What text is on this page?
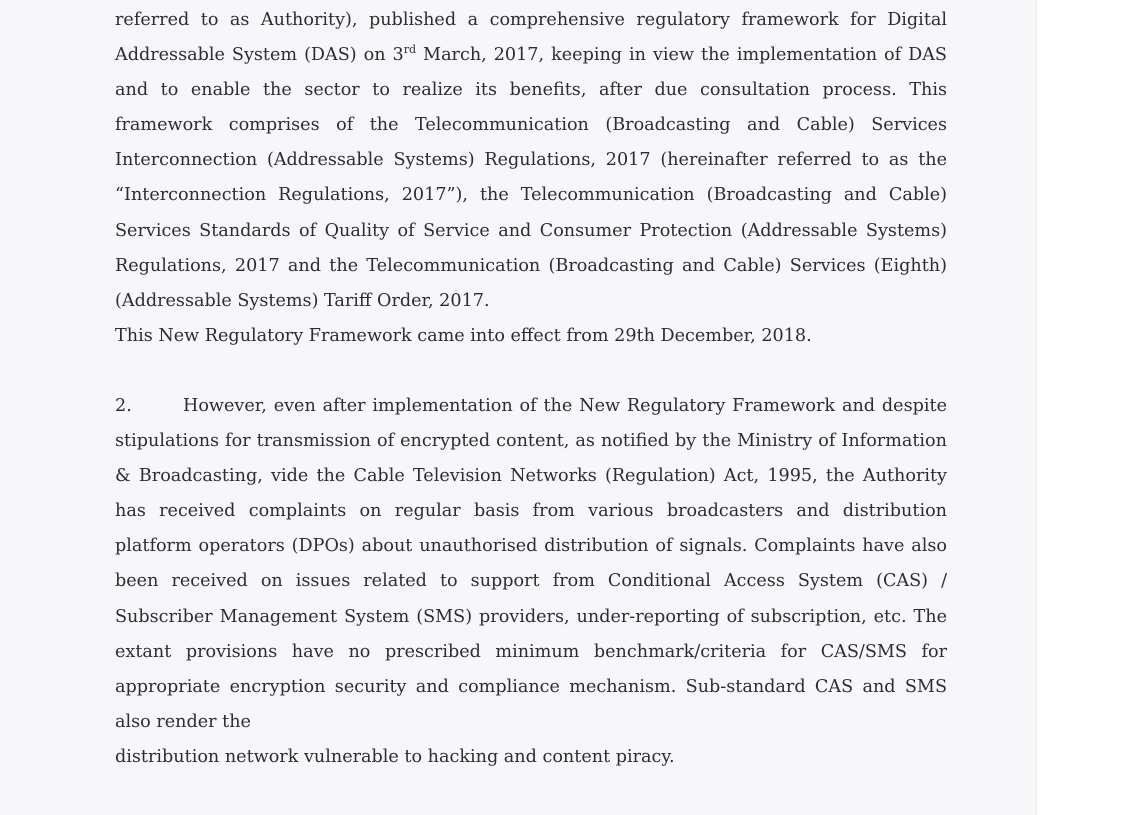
referred to as Authority), published a comprehensive regulatory framework for Digital Addressable System (DAS) on 3rd March, 2017, keeping in view the implementation of DAS and to enable the sector to realize its benefits, after due consultation process. This framework comprises of the Telecommunication (Broadcasting and Cable) Services Interconnection (Addressable Systems) Regulations, 2017 (hereinafter referred to as the “Interconnection Regulations, 2017”), the Telecommunication (Broadcasting and Cable) Services Standards of Quality of Service and Consumer Protection (Addressable Systems) Regulations, 2017 and the Telecommunication (Broadcasting and Cable) Services (Eighth) (Addressable Systems) Tariff Order, 2017.
This New Regulatory Framework came into effect from 29th December, 2018.

2.	However, even after implementation of the New Regulatory Framework and despite stipulations for transmission of encrypted content, as notified by the Ministry of Information & Broadcasting, vide the Cable Television Networks (Regulation) Act, 1995, the Authority has received complaints on regular basis from various broadcasters and distribution platform operators (DPOs) about unauthorised distribution of signals. Complaints have also been received on issues related to support from Conditional Access System (CAS) / Subscriber Management System (SMS) providers, under-reporting of subscription, etc. The extant provisions have no prescribed minimum benchmark/criteria for CAS/SMS for appropriate encryption security and compliance mechanism. Sub-standard CAS and SMS also render the
distribution network vulnerable to hacking and content piracy.
